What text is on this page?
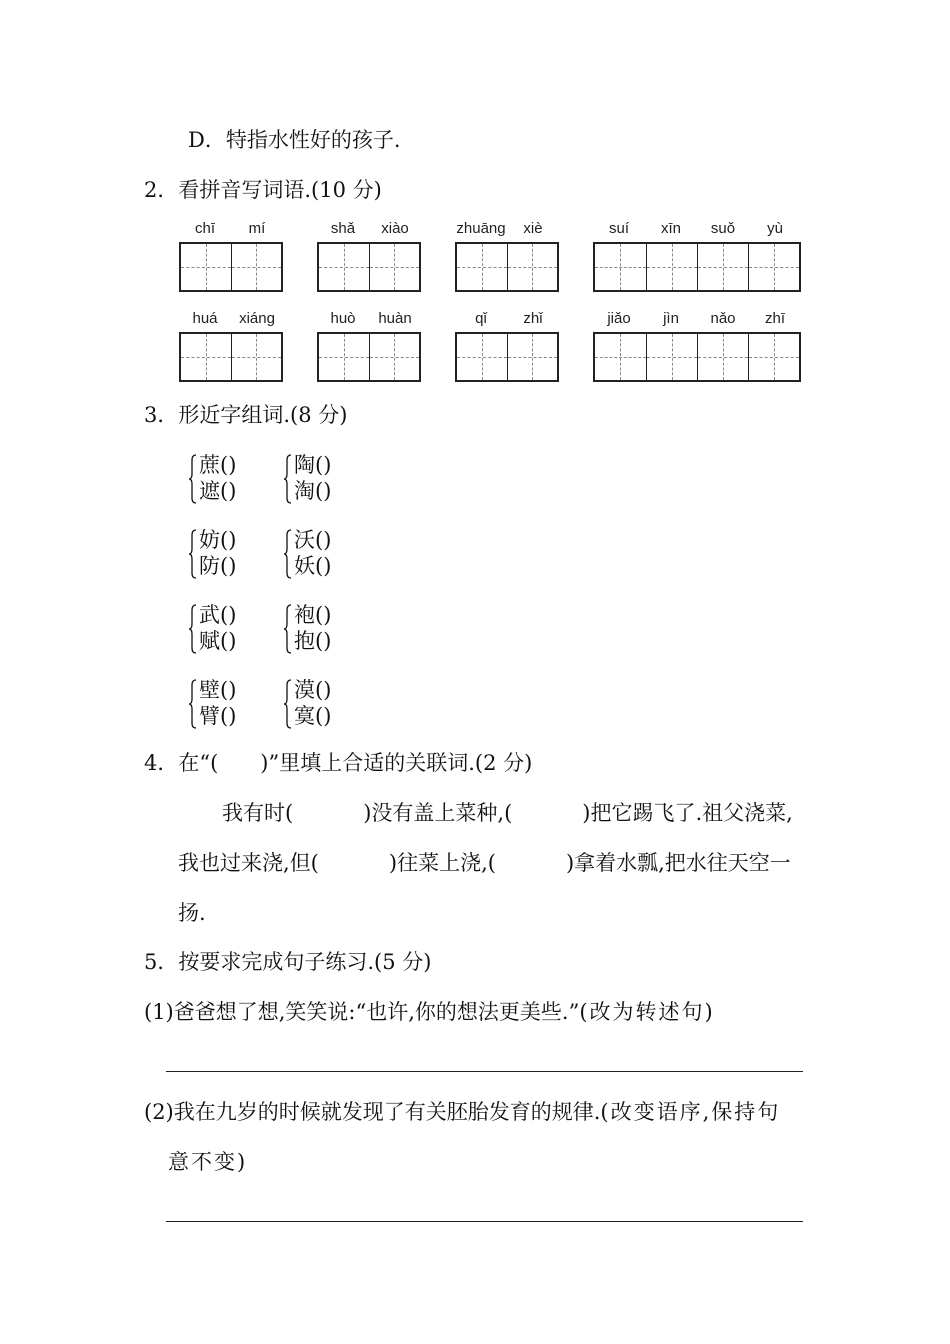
D．特指水性好的孩子.
2．看拼音写词语.(10 分)
chī	mí	shǎ	xiào	zhuāng	xiè	suí	xīn	suǒ	yù
huá	xiáng	huò	huàn	qǐ	zhǐ	jiǎo	jìn	nǎo	zhī
3．形近字组词.(8 分)
蔗()
遮()
陶()
淘()
妨()
防()
沃()
妖()
武()
赋()
袍()
抱()
壁()
臂()
漠()
寞()
4．在“(　　)”里填上合适的关联词.(2 分)
我有时(	)没有盖上菜种,(	)把它踢飞了.祖父浇菜,
我也过来浇,但(	)往菜上浇,(	)拿着水瓢,把水往天空一
扬.
5．按要求完成句子练习.(5 分)
(1)爸爸想了想,笑笑说:“也许,你的想法更美些.”(改为转述句)
(2)我在九岁的时候就发现了有关胚胎发育的规律.(改变语序,保持句
意不变)
